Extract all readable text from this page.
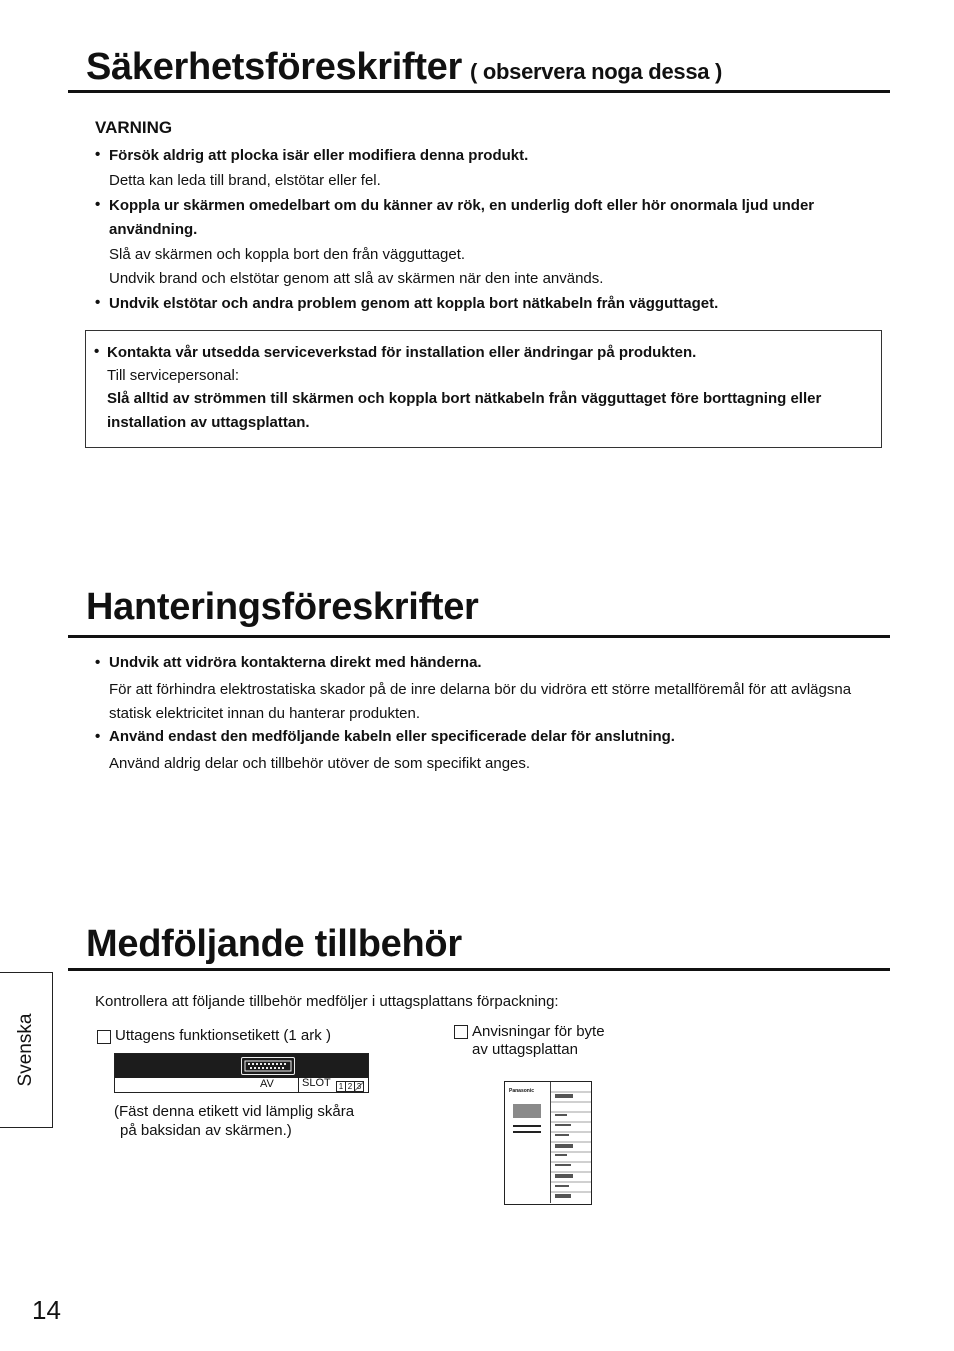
Säkerhetsföreskrifter ( observera noga dessa )
VARNING
• Försök aldrig att plocka isär eller modifiera denna produkt.
Detta kan leda till brand, elstötar eller fel.
• Koppla ur skärmen omedelbart om du känner av rök, en underlig doft eller hör onormala ljud under
användning.
Slå av skärmen och koppla bort den från vägguttaget.
Undvik brand och elstötar genom att slå av skärmen när den inte används.
• Undvik elstötar och andra problem genom att koppla bort nätkabeln från vägguttaget.
• Kontakta vår utsedda serviceverkstad för installation eller ändringar på produkten.
Till servicepersonal:
Slå alltid av strömmen till skärmen och koppla bort nätkabeln från vägguttaget före borttagning eller
installation av uttagsplattan.
Hanteringsföreskrifter
• Undvik att vidröra kontakterna direkt med händerna.
För att förhindra elektrostatiska skador på de inre delarna bör du vidröra ett större metallföremål för att avlägsna
statisk elektricitet innan du hanterar produkten.
• Använd endast den medföljande kabeln eller specificerade delar för anslutning.
Använd aldrig delar och tillbehör utöver de som specifikt anges.
Medföljande tillbehör
Kontrollera att följande tillbehör medföljer i uttagsplattans förpackning:
Uttagens funktionsetikett (1 ark )
AV	SLOT	1 2 3
(Fäst denna etikett vid lämplig skåra
på baksidan av skärmen.)
Anvisningar för byte
av uttagsplattan
Panasonic
Svenska
14
